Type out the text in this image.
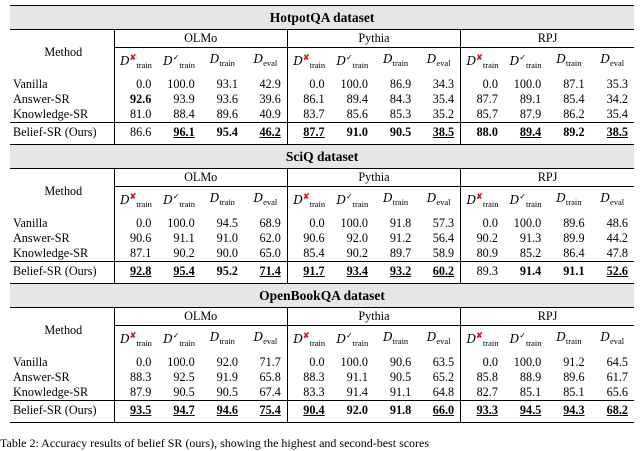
HotpotQA dataset
Method	OLMo				Pythia				RPJ			
	$D^✘_{train}$	$D^✓_{train}$	$D_{train}$	$D_{eval}$	$D^✘_{train}$	$D^✓_{train}$	$D_{train}$	$D_{eval}$	$D^✘_{train}$	$D^✓_{train}$	$D_{train}$	$D_{eval}$
Vanilla	0.0	100.0	93.1	42.9	0.0	100.0	86.9	34.3	0.0	100.0	87.1	35.3
Answer-SR	92.6	93.9	93.6	39.6	86.1	89.4	84.3	35.4	87.7	89.1	85.4	34.2
Knowledge-SR	81.0	88.4	89.6	40.9	83.7	85.6	85.3	35.2	85.7	87.9	86.2	35.4
Belief-SR (Ours)	86.6	96.1	95.4	46.2	87.7	91.0	90.5	38.5	88.0	89.4	89.2	38.5
SciQ dataset
Method	OLMo				Pythia				RPJ			
	$D^✘_{train}$	$D^✓_{train}$	$D_{train}$	$D_{eval}$	$D^✘_{train}$	$D^✓_{train}$	$D_{train}$	$D_{eval}$	$D^✘_{train}$	$D^✓_{train}$	$D_{train}$	$D_{eval}$
Vanilla	0.0	100.0	94.5	68.9	0.0	100.0	91.8	57.3	0.0	100.0	89.6	48.6
Answer-SR	90.6	91.1	91.0	62.0	90.6	92.0	91.2	56.4	90.2	91.3	89.9	44.2
Knowledge-SR	87.1	90.2	90.0	65.0	85.4	90.2	89.7	58.9	80.9	85.2	86.4	47.8
Belief-SR (Ours)	92.8	95.4	95.2	71.4	91.7	93.4	93.2	60.2	89.3	91.4	91.1	52.6
OpenBookQA dataset
Method	OLMo				Pythia				RPJ			
	$D^✘_{train}$	$D^✓_{train}$	$D_{train}$	$D_{eval}$	$D^✘_{train}$	$D^✓_{train}$	$D_{train}$	$D_{eval}$	$D^✘_{train}$	$D^✓_{train}$	$D_{train}$	$D_{eval}$
Vanilla	0.0	100.0	92.0	71.7	0.0	100.0	90.6	63.5	0.0	100.0	91.2	64.5
Answer-SR	88.3	92.5	91.9	65.8	88.3	91.1	90.5	65.2	85.8	88.9	89.6	61.7
Knowledge-SR	87.9	90.5	90.5	67.4	83.3	91.4	91.1	64.8	82.7	85.1	85.1	65.6
Belief-SR (Ours)	93.5	94.7	94.6	75.4	90.4	92.0	91.8	66.0	93.3	94.5	94.3	68.2
Table 2: Accuracy results of belief SR (ours), showing the highest and second-best scores
